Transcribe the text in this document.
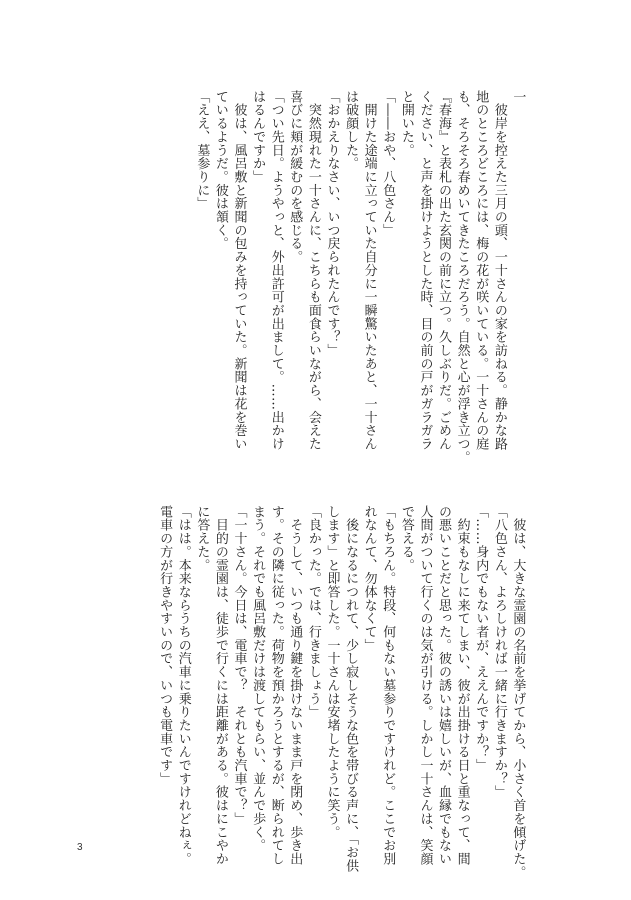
一
　彼岸を控えた三月の頭、一十さんの家を訪ねる。静かな路
地のところどころには、梅の花が咲いている。一十さんの庭
も、そろそろ春めいてきたころだろう。自然と心が浮き立つ。
『春海』と表札の出た玄関の前に立つ。久しぶりだ。ごめん
ください、と声を掛けようとした時、目の前の戸がガラガラ
と開いた。
「――おや、八色さん」
　開けた途端に立っていた自分に一瞬驚いたあと、一十さん
は破顔した。
「おかえりなさい、いつ戻られたんです？」
　突然現れた一十さんに、こちらも面食らいながら、会えた
喜びに頬が緩むのを感じる。
「つい先日。ようやっと、外出許可が出まして。……出かけ
はるんですか」
　彼は、風呂敷と新聞の包みを持っていた。新聞は花を巻い
ているようだ。彼は頷く。
「ええ、墓参りに」

　彼は、大きな霊園の名前を挙げてから、小さく首を傾げた。
「八色さん、よろしければ一緒に行きますか？」
「……身内でもない者が、ええんですか？」
　約束もなしに来てしまい、彼が出掛ける日と重なって、間
の悪いことだと思った。彼の誘いは嬉しいが、血縁でもない
人間がついて行くのは気が引ける。しかし一十さんは、笑顔
で答える。
「もちろん。特段、何もない墓参りですけれど。ここでお別
れなんて、勿体なくて」
　後になるにつれて、少し寂しそうな色を帯びる声に、「お供
します」と即答した。一十さんは安堵したように笑う。
「良かった。では、行きましょう」
　そうして、いつも通り鍵を掛けないまま戸を閉め、歩き出
す。その隣に従った。荷物を預かろうとするが、断られてし
まう。それでも風呂敷だけは渡してもらい、並んで歩く。
「一十さん。今日は、電車で？　それとも汽車で？」
　目的の霊園は、徒歩で行くには距離がある。彼はにこやか
に答えた。
「はは。本来ならうちの汽車に乗りたいんですけれどねぇ。
電車の方が行きやすいので、いつも電車です」

3
